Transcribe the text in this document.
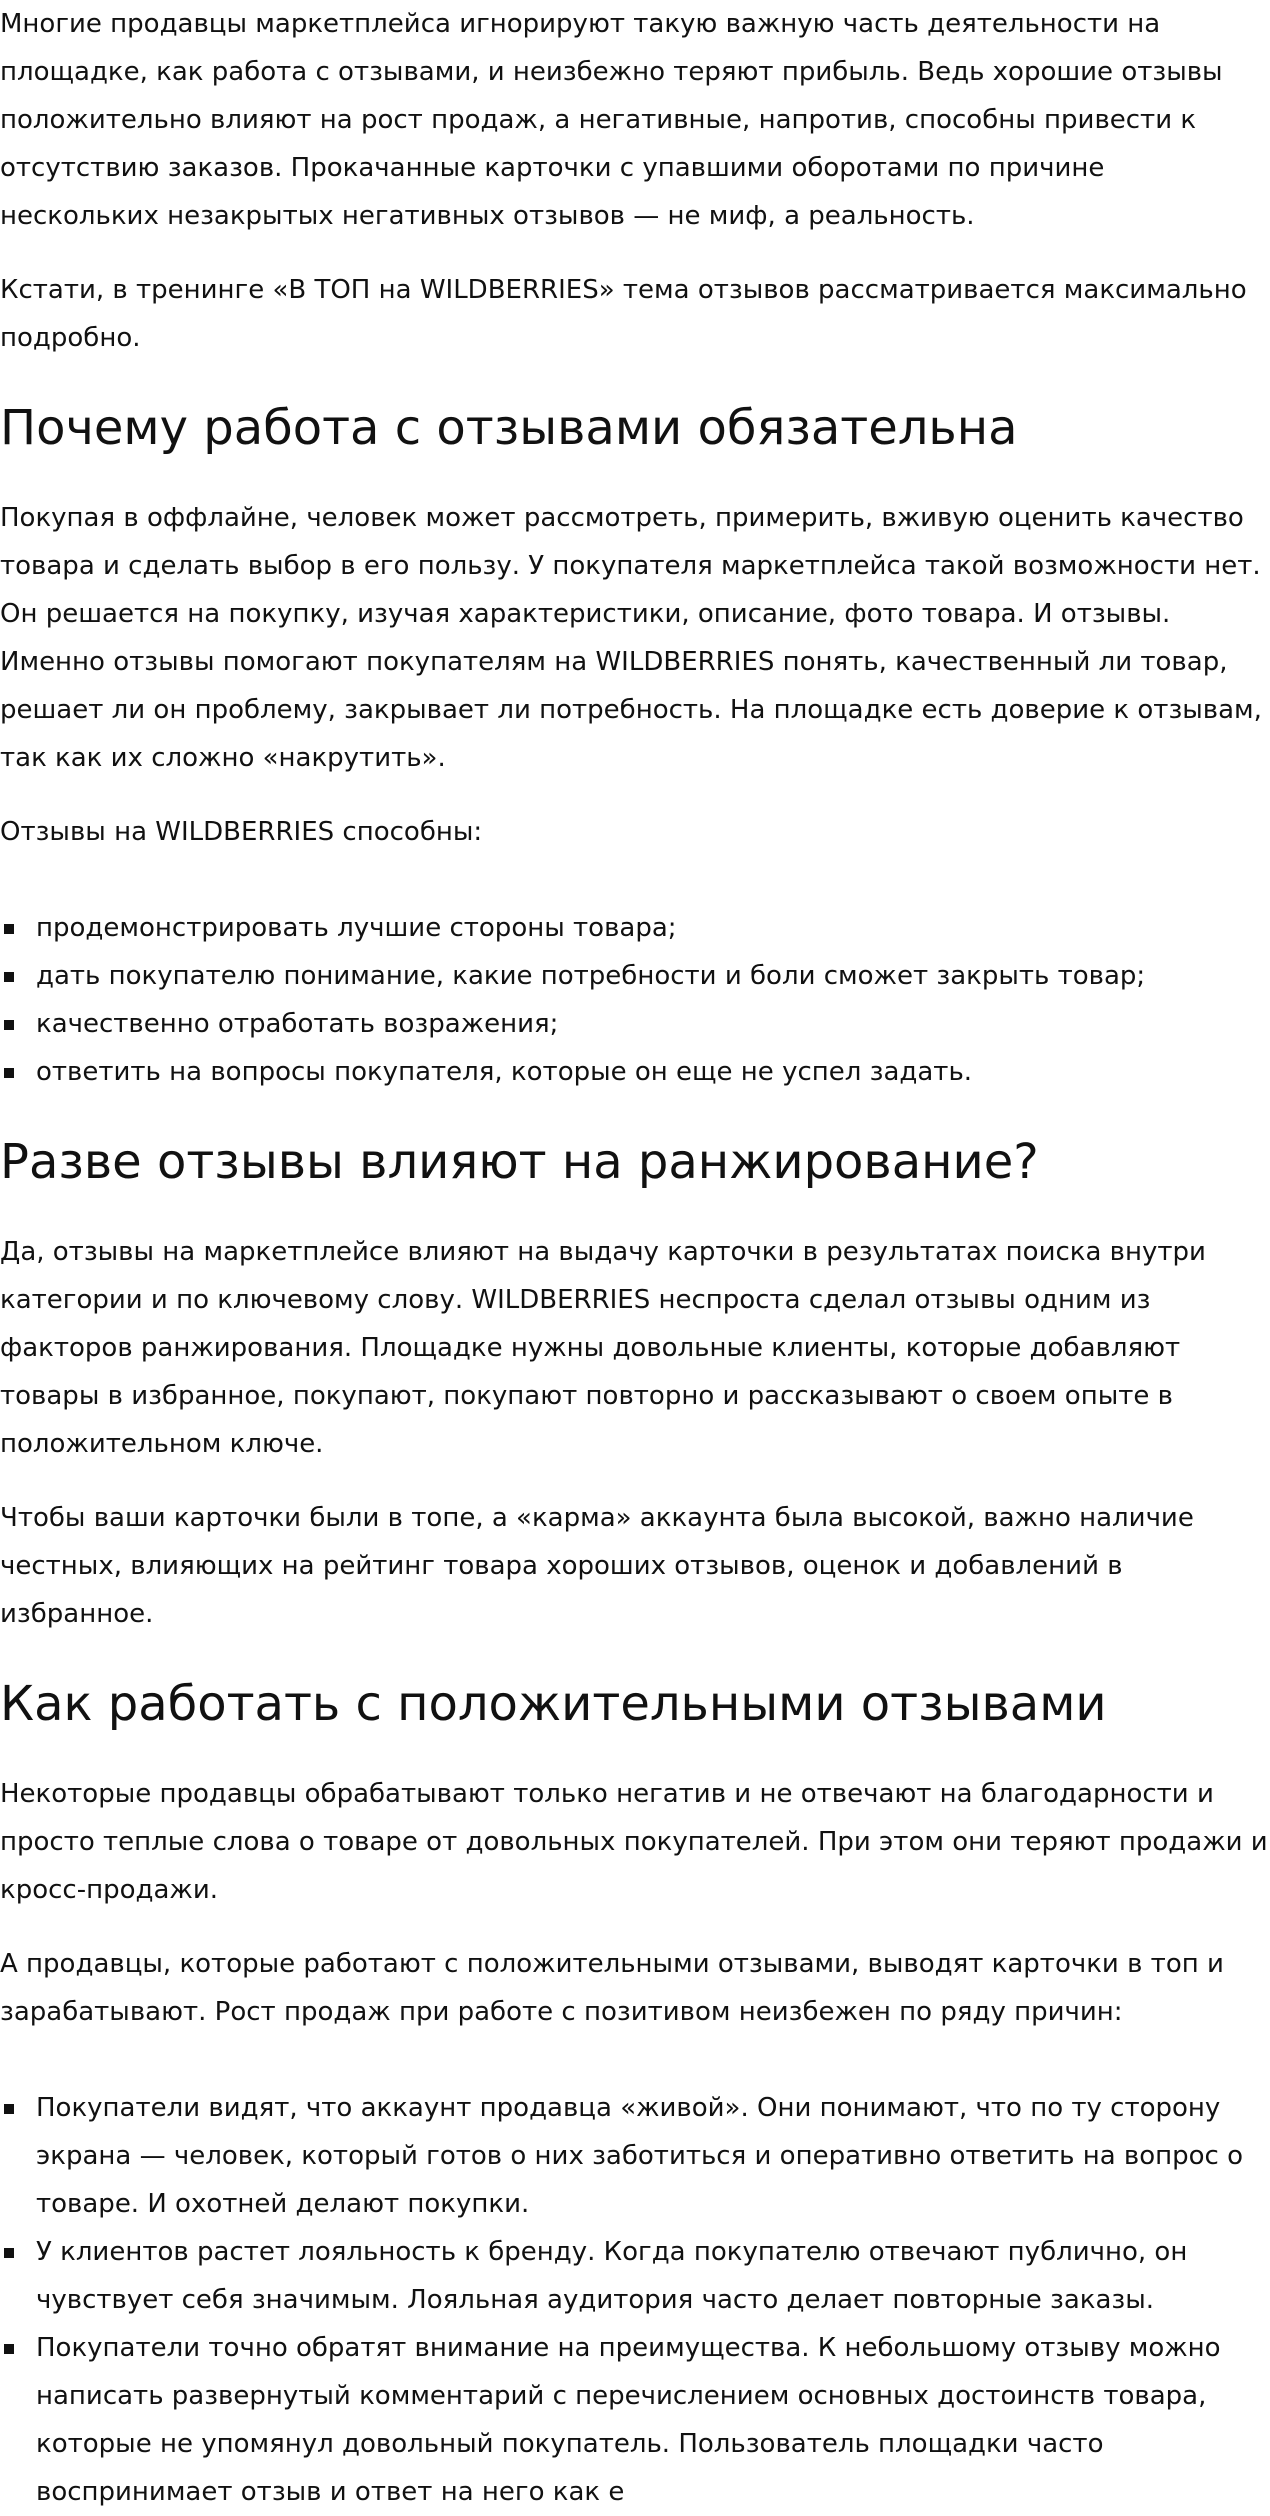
Многие продавцы маркетплейса игнорируют такую важную часть деятельности на площадке, как работа с отзывами, и неизбежно теряют прибыль. Ведь хорошие отзывы положительно влияют на рост продаж, а негативные, напротив, способны привести к отсутствию заказов. Прокачанные карточки с упавшими оборотами по причине нескольких незакрытых негативных отзывов — не миф, а реальность.

Кстати, в тренинге «В ТОП на WILDBERRIES» тема отзывов рассматривается максимально подробно.

Почему работа с отзывами обязательна

Покупая в оффлайне, человек может рассмотреть, примерить, вживую оценить качество товара и сделать выбор в его пользу. У покупателя маркетплейса такой возможности нет. Он решается на покупку, изучая характеристики, описание, фото товара. И отзывы. Именно отзывы помогают покупателям на WILDBERRIES понять, качественный ли товар, решает ли он проблему, закрывает ли потребность. На площадке есть доверие к отзывам, так как их сложно «накрутить».

Отзывы на WILDBERRIES способны:

продемонстрировать лучшие стороны товара;
дать покупателю понимание, какие потребности и боли сможет закрыть товар;
качественно отработать возражения;
ответить на вопросы покупателя, которые он еще не успел задать.
Разве отзывы влияют на ранжирование?

Да, отзывы на маркетплейсе влияют на выдачу карточки в результатах поиска внутри категории и по ключевому слову. WILDBERRIES неспроста сделал отзывы одним из факторов ранжирования. Площадке нужны довольные клиенты, которые добавляют товары в избранное, покупают, покупают повторно и рассказывают о своем опыте в положительном ключе.

Чтобы ваши карточки были в топе, а «карма» аккаунта была высокой, важно наличие честных, влияющих на рейтинг товара хороших отзывов, оценок и добавлений в избранное.

Как работать с положительными отзывами

Некоторые продавцы обрабатывают только негатив и не отвечают на благодарности и просто теплые слова о товаре от довольных покупателей. При этом они теряют продажи и кросс-продажи.

А продавцы, которые работают с положительными отзывами, выводят карточки в топ и зарабатывают. Рост продаж при работе с позитивом неизбежен по ряду причин:

Покупатели видят, что аккаунт продавца «живой». Они понимают, что по ту сторону экрана — человек, который готов о них заботиться и оперативно ответить на вопрос о товаре. И охотней делают покупки.
У клиентов растет лояльность к бренду. Когда покупателю отвечают публично, он чувствует себя значимым. Лояльная аудитория часто делает повторные заказы.
Покупатели точно обратят внимание на преимущества. К небольшому отзыву можно написать развернутый комментарий с перечислением основных достоинств товара, которые не упомянул довольный покупатель. Пользователь площадки часто воспринимает отзыв и ответ на него как е
